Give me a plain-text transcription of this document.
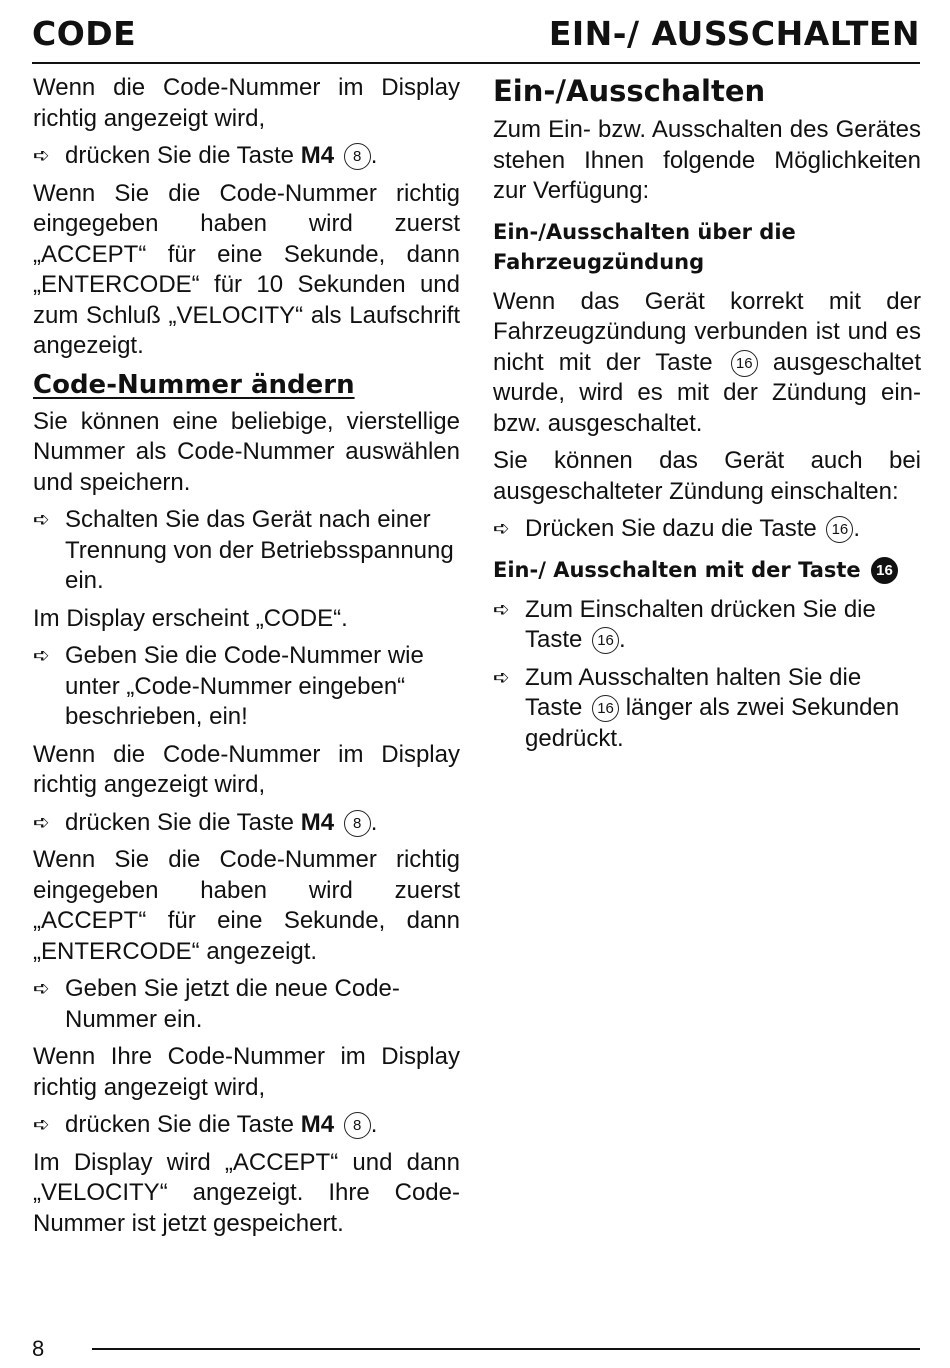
CODE	EIN-/ AUSSCHALTEN

Wenn die Code-Nummer im Display richtig angezeigt wird,

➪ drücken Sie die Taste M4 8 .

Wenn Sie die Code-Nummer richtig eingegeben haben wird zuerst „ACCEPT“ für eine Sekunde, dann „ENTERCODE“ für 10 Sekunden und zum Schluß „VELOCITY“ als Laufschrift angezeigt.

Code-Nummer ändern

Sie können eine beliebige, vierstellige Nummer als Code-Nummer auswählen und speichern.

➪ Schalten Sie das Gerät nach einer Trennung von der Betriebsspannung ein.

Im Display erscheint „CODE“.

➪ Geben Sie die Code-Nummer wie unter „Code-Nummer eingeben“ beschrieben, ein!

Wenn die Code-Nummer im Display richtig angezeigt wird,

➪ drücken Sie die Taste M4 8 .

Wenn Sie die Code-Nummer richtig eingegeben haben wird zuerst „ACCEPT“ für eine Sekunde, dann „ENTERCODE“ angezeigt.

➪ Geben Sie jetzt die neue Code-Nummer ein.

Wenn Ihre Code-Nummer im Display richtig angezeigt wird,

➪ drücken Sie die Taste M4 8 .

Im Display wird „ACCEPT“ und dann „VELOCITY“ angezeigt. Ihre Code-Nummer ist jetzt gespeichert.

Ein-/Ausschalten

Zum Ein- bzw. Ausschalten des Gerätes stehen Ihnen folgende Möglichkeiten zur Verfügung:

Ein-/Ausschalten über die Fahrzeugzündung

Wenn das Gerät korrekt mit der Fahrzeugzündung verbunden ist und es nicht mit der Taste 16 ausgeschaltet wurde, wird es mit der Zündung ein- bzw. ausgeschaltet.

Sie können das Gerät auch bei ausgeschalteter Zündung einschalten:

➪ Drücken Sie dazu die Taste 16 .
Ein-/ Ausschalten mit der Taste 16
➪ Zum Einschalten drücken Sie die Taste 16 .
➪ Zum Ausschalten halten Sie die Taste 16 länger als zwei Sekunden gedrückt.
8
